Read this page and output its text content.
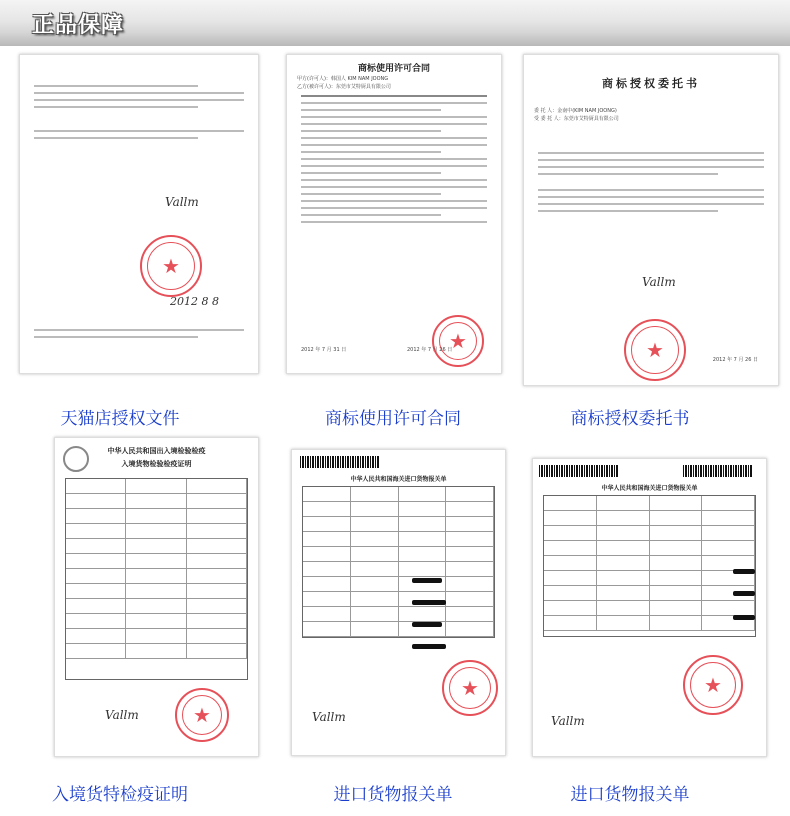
正品保障
Vallm
★
2012 8 8
天猫店授权文件
商标使用许可合同
甲方(许可人)：韩国人 KIM NAM JOONG
乙方(被许可人)：东莞市艾特厨具有限公司
★
2012 年 7 月 31 日	2012 年 7 月 26 日
商标使用许可合同
商标授权委托书
委 托 人：金南中(KIM NAM JOONG)
受 委 托 人：东莞市艾特厨具有限公司
Vallm
★	2012 年 7 月 26 日
商标授权委托书
中华人民共和国出入境检验检疫
入境货物检验检疫证明
Vallm	★
入境货特检疫证明
中华人民共和国海关进口货物报关单
★
Vallm
进口货物报关单
中华人民共和国海关进口货物报关单
★
Vallm
进口货物报关单
